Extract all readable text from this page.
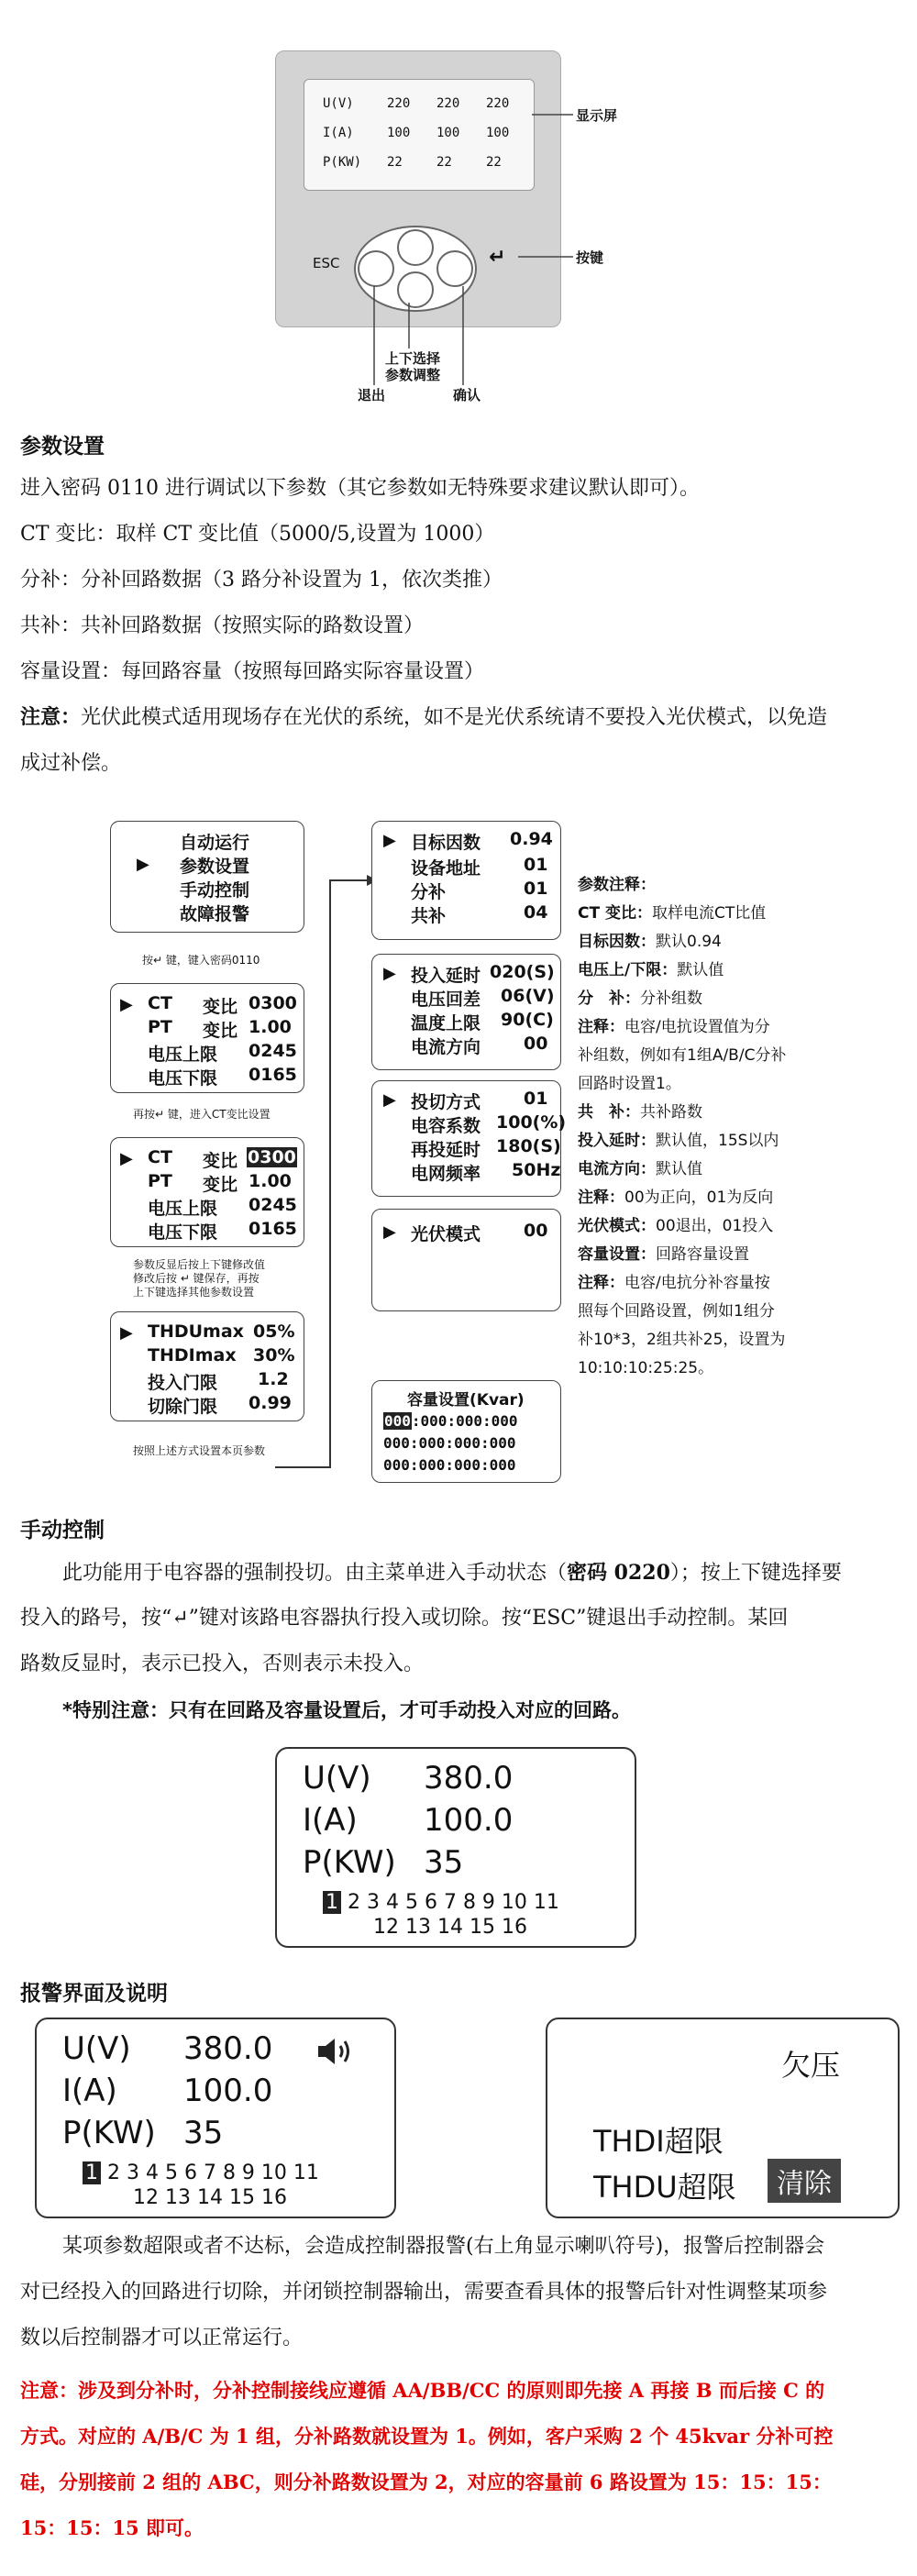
U(V)	220	220	220
I(A)	100	100	100
P(KW)	22	22	22
ESC	↵
显示屏
按键
上下选择
参数调整
退出	确认
参数设置
进入密码 0110 进行调试以下参数（其它参数如无特殊要求建议默认即可）。
CT 变比：取样 CT 变比值（5000/5,设置为 1000）
分补：分补回路数据（3 路分补设置为 1，依次类推）
共补：共补回路数据（按照实际的路数设置）
容量设置：每回路容量（按照每回路实际容量设置）
注意：光伏此模式适用现场存在光伏的系统，如不是光伏系统请不要投入光伏模式，以免造
成过补偿。
自动运行
▶ 参数设置
手动控制
故障报警
按↵ 键，键入密码0110
▶ CT 变比 0300
PT 变比 1.00
电压上限 0245
电压下限 0165
再按↵ 键，进入CT变比设置
▶ CT 变比 0300
PT 变比 1.00
电压上限 0245
电压下限 0165
参数反显后按上下键修改值
修改后按 ↵ 键保存，再按
上下键选择其他参数设置
▶ THDUmax 05%
THDImax 30%
投入门限 1.2
切除门限 0.99
按照上述方式设置本页参数
▶ 目标因数 0.94
设备地址 01
分补	01
共补	04
▶ 投入延时 020(S)
电压回差 06(V)
温度上限 90(C)
电流方向 00
▶ 投切方式 01
电容系数 100(%)
再投延时 180(S)
电网频率 50Hz
▶ 光伏模式 00
容量设置(Kvar)
000:000:000:000
000:000:000:000
000:000:000:000
参数注释：
CT 变比：取样电流CT比值
目标因数：默认0.94
电压上/下限：默认值
分　补：分补组数
注释：电容/电抗设置值为分
补组数，例如有1组A/B/C分补
回路时设置1。
共　补：共补路数
投入延时：默认值，15S以内
电流方向：默认值
注释：00为正向，01为反向
光伏模式：00退出，01投入
容量设置：回路容量设置
注释：电容/电抗分补容量按
照每个回路设置，例如1组分
补10*3，2组共补25，设置为
10:10:10:25:25。
手动控制
此功能用于电容器的强制投切。由主菜单进入手动状态（密码 0220）；按上下键选择要
投入的路号，按“↵”键对该路电容器执行投入或切除。按“ESC”键退出手动控制。某回
路数反显时，表示已投入，否则表示未投入。
*特别注意：只有在回路及容量设置后，才可手动投入对应的回路。
U(V) 380.0
I(A) 100.0
P(KW) 35
1 2 3 4 5 6 7 8 9 10 11
12 13 14 15 16
报警界面及说明
U(V) 380.0
I(A) 100.0
P(KW) 35
1 2 3 4 5 6 7 8 9 10 11
12 13 14 15 16
欠压
THDI超限
THDU超限	清除
某项参数超限或者不达标，会造成控制器报警(右上角显示喇叭符号)，报警后控制器会
对已经投入的回路进行切除，并闭锁控制器输出，需要查看具体的报警后针对性调整某项参
数以后控制器才可以正常运行。
注意：涉及到分补时，分补控制接线应遵循 AA/BB/CC 的原则即先接 A 再接 B 而后接 C 的
方式。对应的 A/B/C 为 1 组，分补路数就设置为 1。例如，客户采购 2 个 45kvar 分补可控
硅，分别接前 2 组的 ABC，则分补路数设置为 2，对应的容量前 6 路设置为 15：15：15：
15：15：15 即可。
